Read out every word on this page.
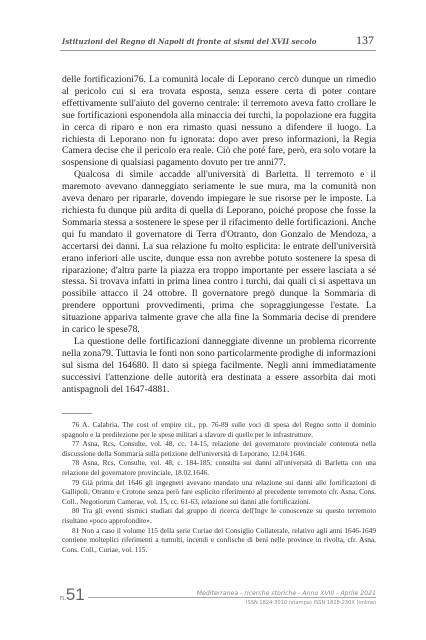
Istituzioni del Regno di Napoli di fronte ai sismi del XVII secolo	137

delle fortificazioni76. La comunità locale di Leporano cercò dunque un rimedio al pericolo cui si era trovata esposta, senza essere certa di poter contare effettivamente sull'aiuto del governo centrale: il terremoto aveva fatto crollare le sue fortificazioni esponendola alla minaccia dei turchi, la popolazione era fuggita in cerca di riparo e non era rimasto quasi nessuno a difendere il luogo. La richiesta di Leporano non fu ignorata: dopo aver preso informazioni, la Regia Camera decise che il pericolo era reale. Ciò che poté fare, però, era solo votare la sospensione di qualsiasi pagamento dovuto per tre anni77.

Qualcosa di simile accadde all'università di Barletta. Il terremoto e il maremoto avevano danneggiato seriamente le sue mura, ma la comunità non aveva denaro per ripararle, dovendo impiegare le sue risorse per le imposte. La richiesta fu dunque più ardita di quella di Leporano, poiché propose che fosse la Sommaria stessa a sostenere le spese per il rifacimento delle fortificazioni. Anche qui fu mandato il governatore di Terra d'Otranto, don Gonzalo de Mendoza, a accertarsi dei danni. La sua relazione fu molto esplicita: le entrate dell'università erano inferiori alle uscite, dunque essa non avrebbe potuto sostenere la spesa di riparazione; d'altra parte la piazza era troppo importante per essere lasciata a sé stessa. Si trovava infatti in prima linea contro i turchi, dai quali ci si aspettava un possibile attacco il 24 ottobre. Il governatore pregò dunque la Sommaria di prendere opportuni provvedimenti, prima che sopraggiungesse l'estate. La situazione appariva talmente grave che alla fine la Sommaria decise di prendere in carico le spese78.

La questione delle fortificazioni danneggiate divenne un problema ricorrente nella zona79. Tuttavia le fonti non sono particolarmente prodighe di informazioni sul sisma del 164680. Il dato si spiega facilmente. Negli anni immediatamente successivi l'attenzione delle autorità era destinata a essere assorbita dai moti antispagnoli del 1647-4881.

76 A. Calabria, The cost of empire cit., pp. 76-89 sulle voci di spesa del Regno sotto il dominio spagnolo e la predilezione per le spese militari a sfavore di quelle per le infrastrutture.

77 Asna, Rcs, Consulte, vol. 48, cc. 14-15, relazione del governatore provinciale contenuta nella discussione della Sommaria sulla petizione dell'università di Leporano, 12.04.1646.

78 Asna, Rcs, Consulte, vol. 48, c. 184-185, consulta sui danni all'università di Barletta con una relazione del governatore provinciale, 18.02.1646.

79 Già prima del 1646 gli ingegneri avevano mandato una relazione sui danni alle fortificazioni di Gallipoli, Otranto e Crotone senza però fare esplicito riferimento al precedente terremoto cfr. Asna, Cons. Coll., Negotiorum Camerae, vol. 15, cc. 61-63, relazione sui danni alle fortificazioni.

80 Tra gli eventi sismici studiati dal gruppo di ricerca dell'Ingv le conoscenze su questo terremoto risultano «poco approfondite».

81 Non a caso il volume 115 della serie Curiae del Consiglio Collaterale, relativo agli anni 1646-1649 contiene molteplici riferimenti a tumulti, incendi e confische di beni nelle province in rivolta, cfr. Asna, Cons. Coll., Curiae, vol. 115.

n.51	Mediterranea - ricerche storiche - Anno XVIII - Aprile 2021
ISSN 1824-3010 (stampa) ISSN 1828-230X (online)
